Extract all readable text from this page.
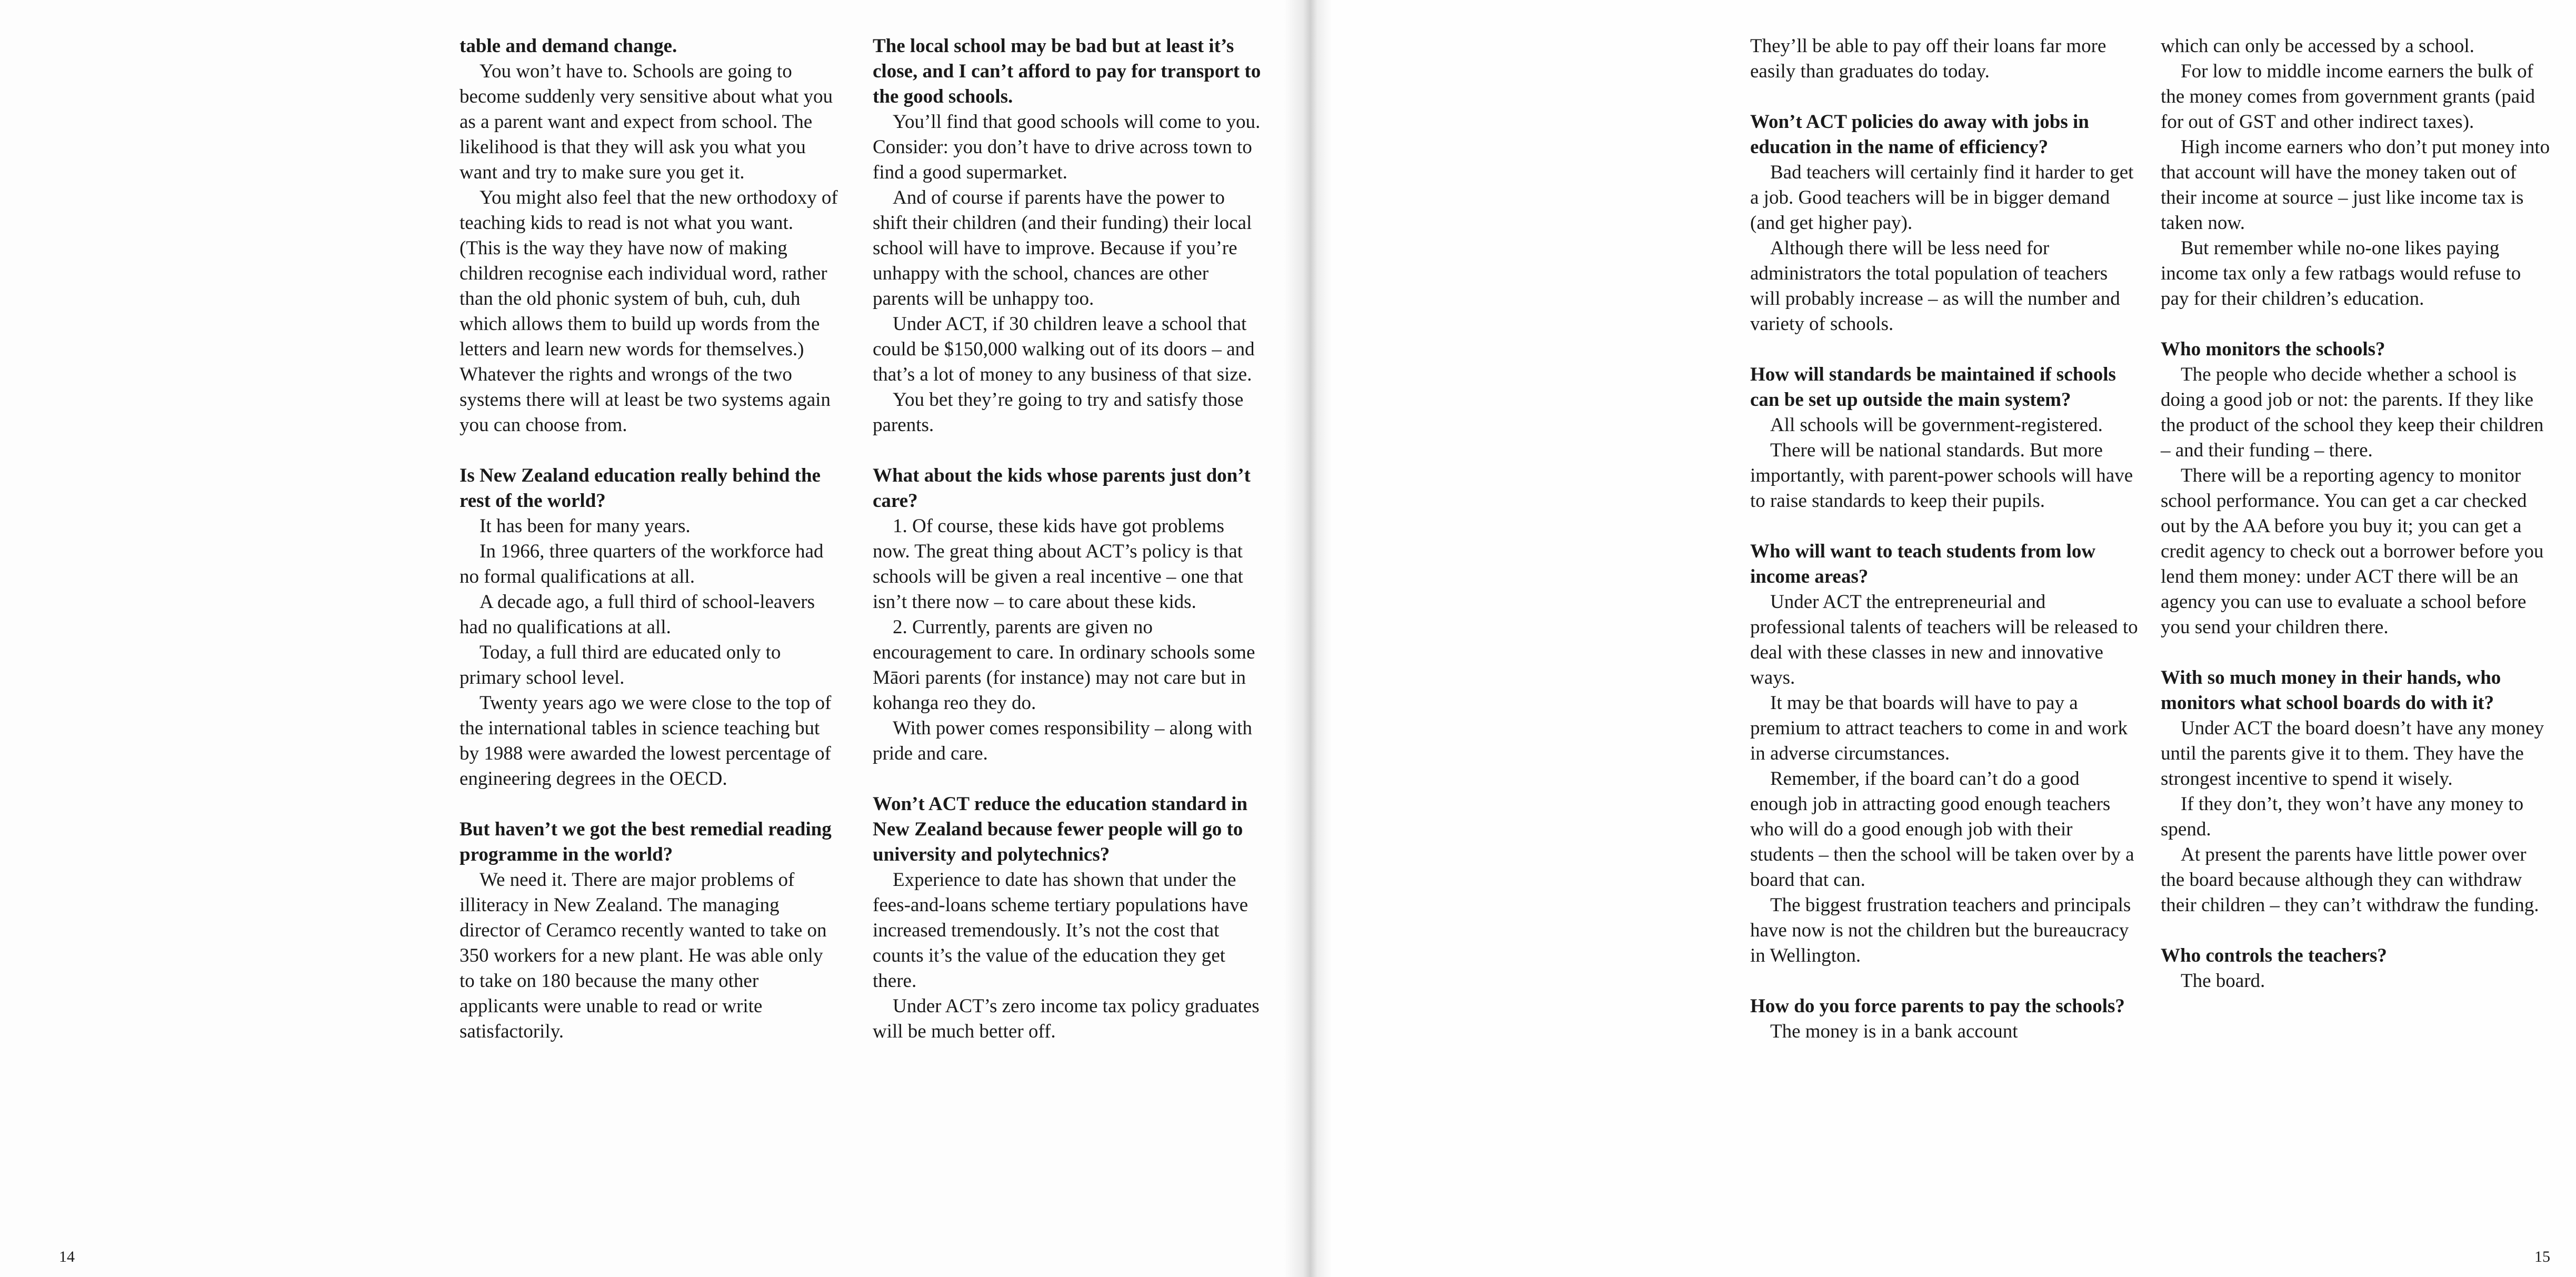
table and demand change.

You won’t have to. Schools are going to become suddenly very sensitive about what you as a parent want and expect from school. The likelihood is that they will ask you what you want and try to make sure you get it.

You might also feel that the new orthodoxy of teaching kids to read is not what you want. (This is the way they have now of making children recognise each individual word, rather than the old phonic system of buh, cuh, duh which allows them to build up words from the letters and learn new words for themselves.) Whatever the rights and wrongs of the two systems there will at least be two systems again you can choose from.

Is New Zealand education really behind the rest of the world?

It has been for many years.

In 1966, three quarters of the workforce had no formal qualifications at all.

A decade ago, a full third of school-leavers had no qualifications at all.

Today, a full third are educated only to primary school level.

Twenty years ago we were close to the top of the international tables in science teaching but by 1988 were awarded the lowest percentage of engineering degrees in the OECD.

But haven’t we got the best remedial reading programme in the world?

We need it. There are major problems of illiteracy in New Zealand. The managing director of Ceramco recently wanted to take on 350 workers for a new plant. He was able only to take on 180 because the many other applicants were unable to read or write satisfactorily.

The local school may be bad but at least it’s close, and I can’t afford to pay for transport to the good schools.

You’ll find that good schools will come to you. Consider: you don’t have to drive across town to find a good supermarket.

And of course if parents have the power to shift their children (and their funding) their local school will have to improve. Because if you’re unhappy with the school, chances are other parents will be unhappy too.

Under ACT, if 30 children leave a school that could be $150,000 walking out of its doors – and that’s a lot of money to any business of that size.

You bet they’re going to try and satisfy those parents.

What about the kids whose parents just don’t care?

1. Of course, these kids have got problems now. The great thing about ACT’s policy is that schools will be given a real incentive – one that isn’t there now – to care about these kids.

2. Currently, parents are given no encouragement to care. In ordinary schools some Māori parents (for instance) may not care but in kohanga reo they do.

With power comes responsibility – along with pride and care.

Won’t ACT reduce the education standard in New Zealand because fewer people will go to university and polytechnics?

Experience to date has shown that under the fees-and-loans scheme tertiary populations have increased tremendously. It’s not the cost that counts it’s the value of the education they get there.

Under ACT’s zero income tax policy graduates will be much better off.

14

They’ll be able to pay off their loans far more easily than graduates do today.

Won’t ACT policies do away with jobs in education in the name of efficiency?

Bad teachers will certainly find it harder to get a job. Good teachers will be in bigger demand (and get higher pay).

Although there will be less need for administrators the total population of teachers will probably increase – as will the number and variety of schools.

How will standards be maintained if schools can be set up outside the main system?

All schools will be government-registered.

There will be national standards. But more importantly, with parent-power schools will have to raise standards to keep their pupils.

Who will want to teach students from low income areas?

Under ACT the entrepreneurial and professional talents of teachers will be released to deal with these classes in new and innovative ways.

It may be that boards will have to pay a premium to attract teachers to come in and work in adverse circumstances.

Remember, if the board can’t do a good enough job in attracting good enough teachers who will do a good enough job with their students – then the school will be taken over by a board that can.

The biggest frustration teachers and principals have now is not the children but the bureaucracy in Wellington.

How do you force parents to pay the schools?

The money is in a bank account

which can only be accessed by a school.

For low to middle income earners the bulk of the money comes from government grants (paid for out of GST and other indirect taxes).

High income earners who don’t put money into that account will have the money taken out of their income at source – just like income tax is taken now.

But remember while no-one likes paying income tax only a few ratbags would refuse to pay for their children’s education.

Who monitors the schools?

The people who decide whether a school is doing a good job or not: the parents. If they like the product of the school they keep their children – and their funding – there.

There will be a reporting agency to monitor school performance. You can get a car checked out by the AA before you buy it; you can get a credit agency to check out a borrower before you lend them money: under ACT there will be an agency you can use to evaluate a school before you send your children there.

With so much money in their hands, who monitors what school boards do with it?

Under ACT the board doesn’t have any money until the parents give it to them. They have the strongest incentive to spend it wisely.

If they don’t, they won’t have any money to spend.

At present the parents have little power over the board because although they can withdraw their children – they can’t withdraw the funding.

Who controls the teachers?

The board.

15
